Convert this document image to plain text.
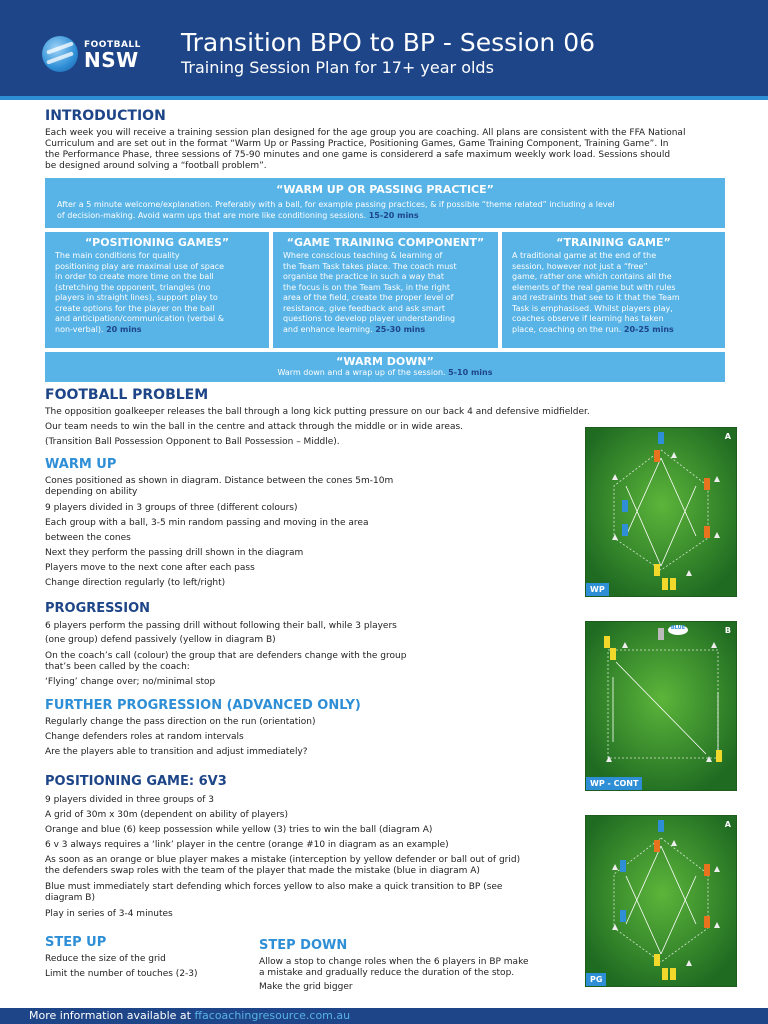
FOOTBALL
NSW
Transition BPO to BP - Session 06
Training Session Plan for 17+ year olds
INTRODUCTION
Each week you will receive a training session plan designed for the age group you are coaching. All plans are consistent with the FFA National
Curriculum and are set out in the format “Warm Up or Passing Practice, Positioning Games, Game Training Component, Training Game”. In
the Performance Phase, three sessions of 75-90 minutes and one game is considererd a safe maximum weekly work load. Sessions should
be designed around solving a “football problem”.
“WARM UP OR PASSING PRACTICE”
After a 5 minute welcome/explanation. Preferably with a ball, for example passing practices, & if possible “theme related” including a level
of decision-making. Avoid warm ups that are more like conditioning sessions. 15-20 mins
“POSITIONING GAMES”
The main conditions for quality
positioning play are maximal use of space
in order to create more time on the ball
(stretching the opponent, triangles (no
players in straight lines), support play to
create options for the player on the ball
and anticipation/communication (verbal &
non-verbal). 20 mins
“GAME TRAINING COMPONENT”
Where conscious teaching & learning of
the Team Task takes place. The coach must
organise the practice in such a way that
the focus is on the Team Task, in the right
area of the field, create the proper level of
resistance, give feedback and ask smart
questions to develop player understanding
and enhance learning. 25-30 mins
“TRAINING GAME”
A traditional game at the end of the
session, however not just a “free”
game, rather one which contains all the
elements of the real game but with rules
and restraints that see to it that the Team
Task is emphasised. Whilst players play,
coaches observe if learning has taken
place, coaching on the run. 20-25 mins
“WARM DOWN”
Warm down and a wrap up of the session. 5-10 mins
FOOTBALL PROBLEM
The opposition goalkeeper releases the ball through a long kick putting pressure on our back 4 and defensive midfielder.
Our team needs to win the ball in the centre and attack through the middle or in wide areas.
(Transition Ball Possession Opponent to Ball Possession – Middle).
WARM UP
Cones positioned as shown in diagram. Distance between the cones 5m-10m
depending on ability
9 players divided in 3 groups of three (different colours)
Each group with a ball, 3-5 min random passing and moving in the area
between the cones
Next they perform the passing drill shown in the diagram
Players move to the next cone after each pass
Change direction regularly (to left/right)
PROGRESSION
6 players perform the passing drill without following their ball, while 3 players
(one group) defend passively (yellow in diagram B)
On the coach’s call (colour) the group that are defenders change with the group
that’s been called by the coach:
‘Flying’ change over; no/minimal stop
FURTHER PROGRESSION (ADVANCED ONLY)
Regularly change the pass direction on the run (orientation)
Change defenders roles at random intervals
Are the players able to transition and adjust immediately?
POSITIONING GAME: 6V3
9 players divided in three groups of 3
A grid of 30m x 30m (dependent on ability of players)
Orange and blue (6) keep possession while yellow (3) tries to win the ball (diagram A)
6 v 3 always requires a ‘link’ player in the centre (orange #10 in diagram as an example)
As soon as an orange or blue player makes a mistake (interception by yellow defender or ball out of grid)
the defenders swap roles with the team of the player that made the mistake (blue in diagram A)
Blue must immediately start defending which forces yellow to also make a quick transition to BP (see
diagram B)
Play in series of 3-4 minutes
STEP UP
Reduce the size of the grid
Limit the number of touches (2-3)
STEP DOWN
Allow a stop to change roles when the 6 players in BP make
a mistake and gradually reduce the duration of the stop.
Make the grid bigger
A
WP
BLUE	B
WP - CONT
A
PG
More information available at ffacoachingresource.com.au
